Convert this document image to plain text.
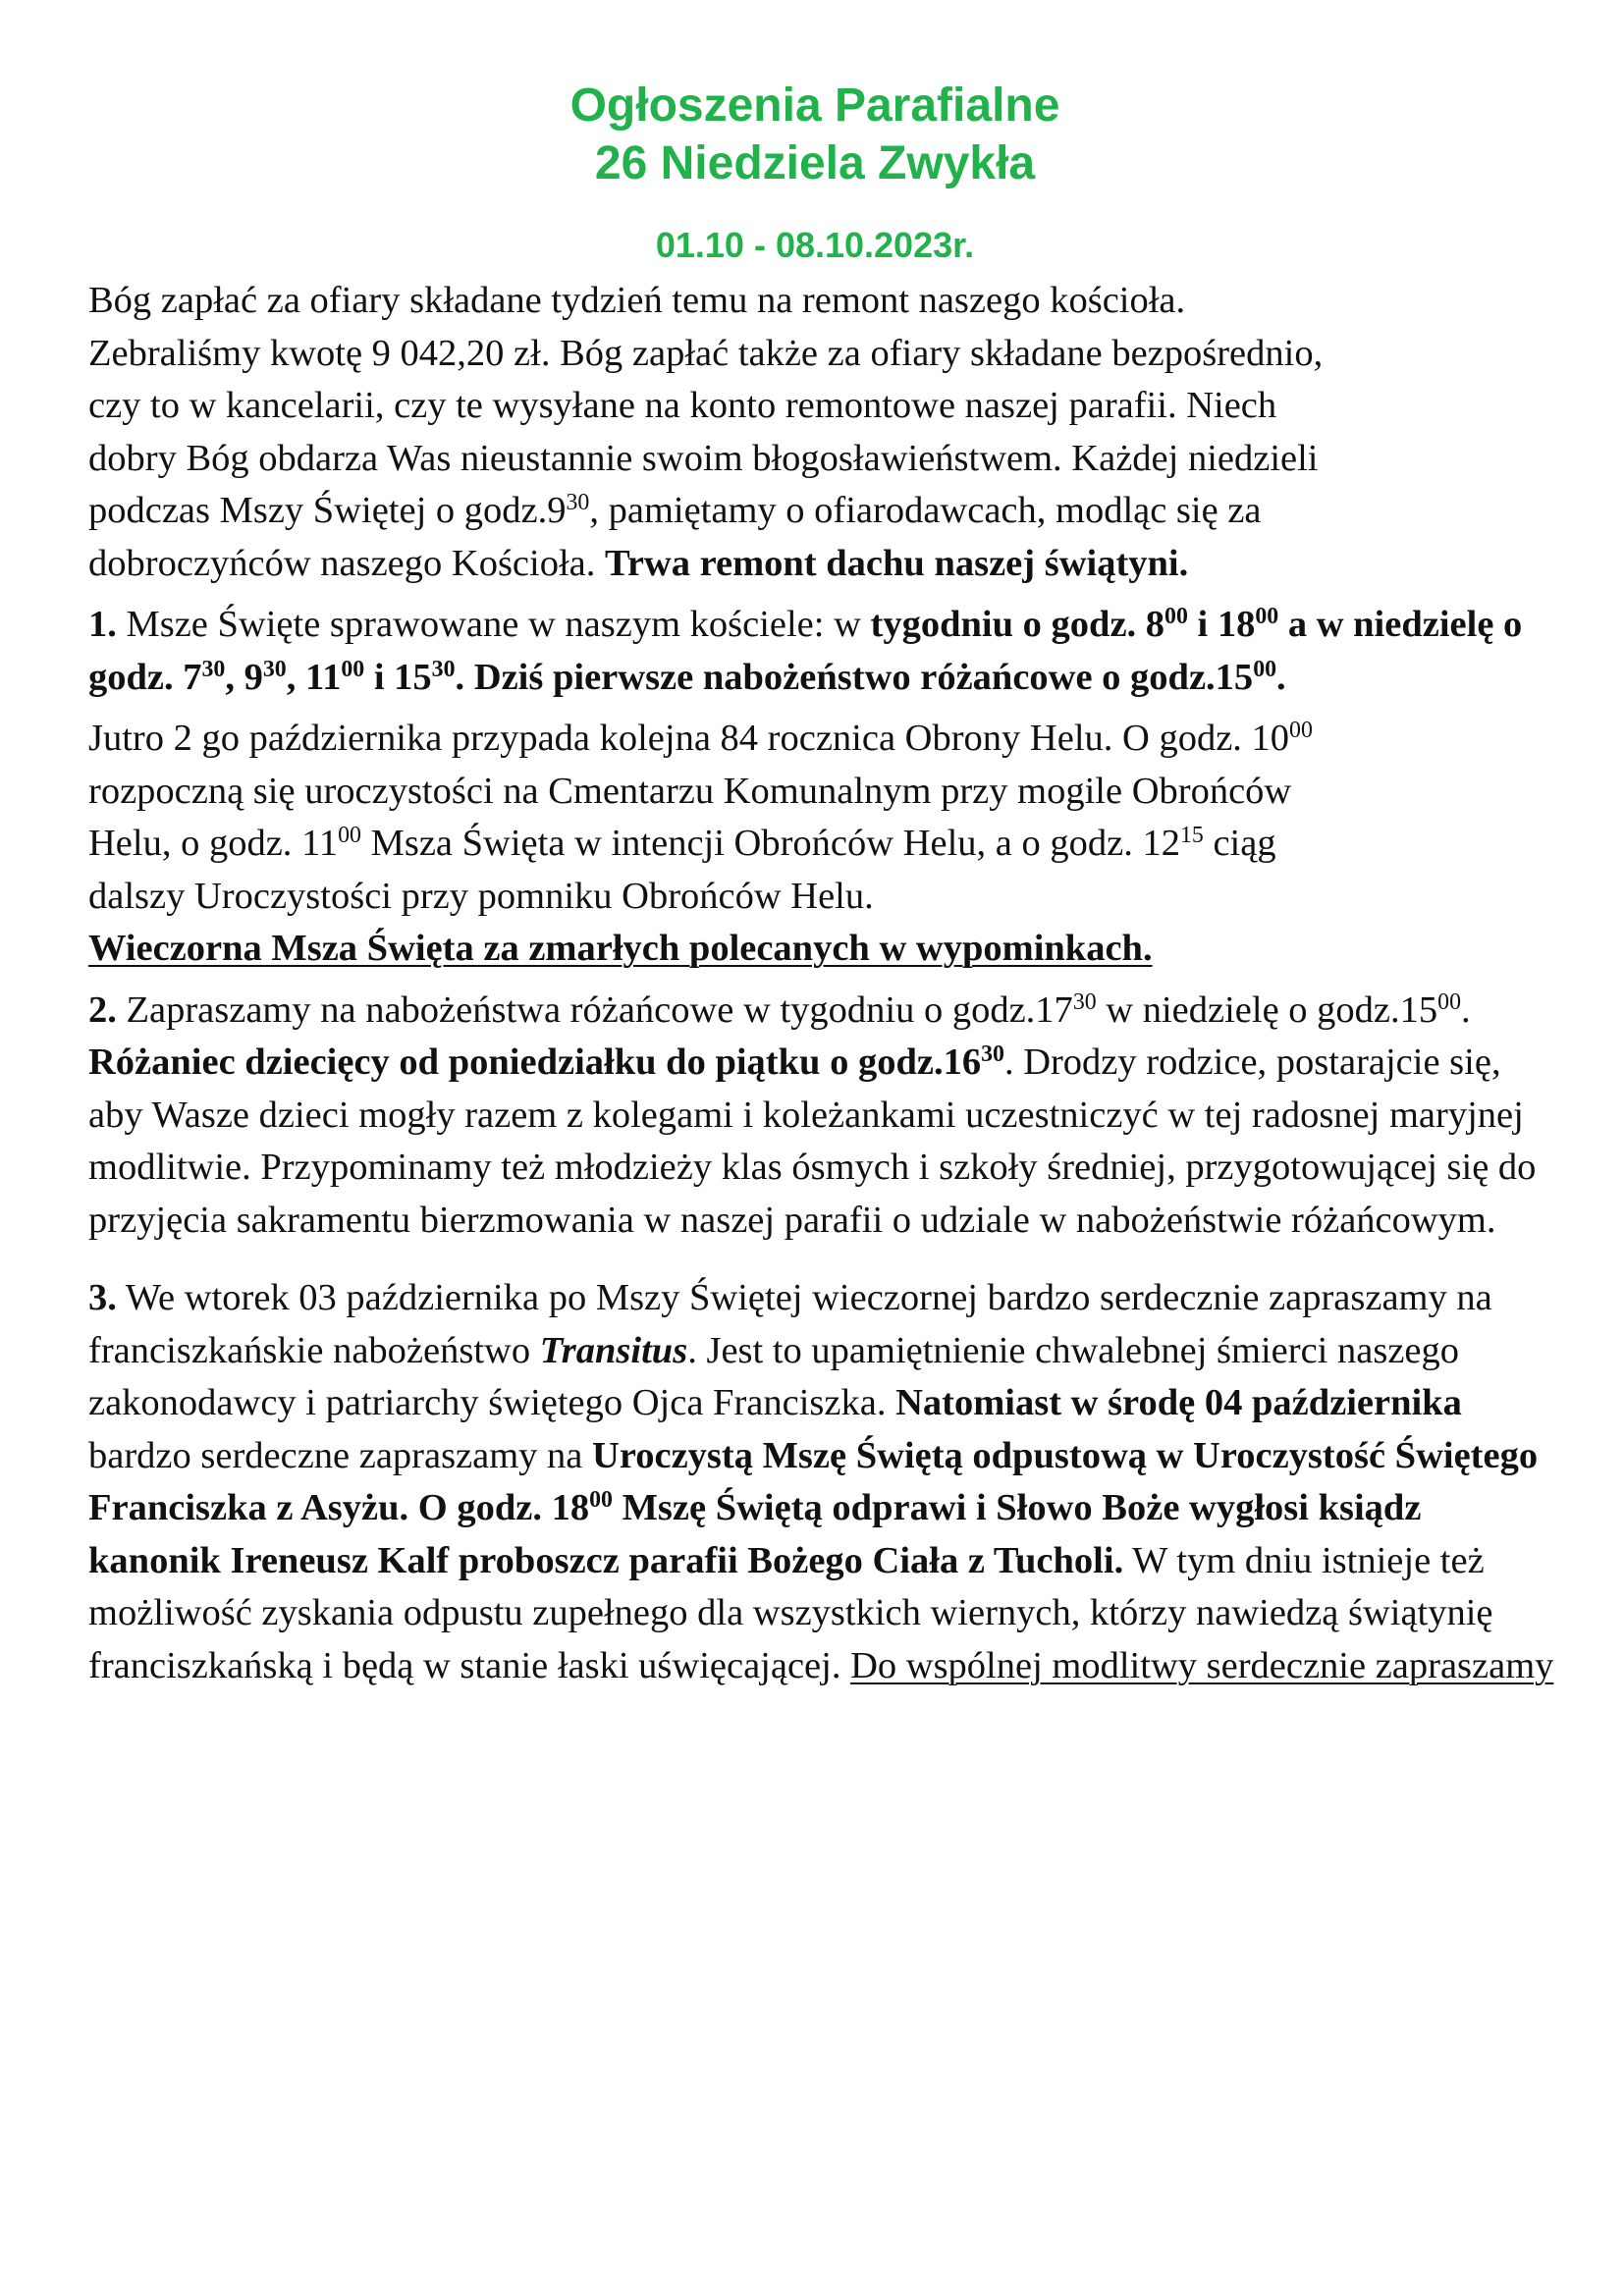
Ogłoszenia Parafialne
26 Niedziela Zwykła
01.10 - 08.10.2023r.

Bóg zapłać za ofiary składane tydzień temu na remont naszego kościoła.
Zebraliśmy kwotę 9 042,20 zł. Bóg zapłać także za ofiary składane bezpośrednio,
czy to w kancelarii, czy te wysyłane na konto remontowe naszej parafii. Niech
dobry Bóg obdarza Was nieustannie swoim błogosławieństwem. Każdej niedzieli
podczas Mszy Świętej o $godz.9^{30}$, pamiętamy o ofiarodawcach, modląc się za
dobroczyńców naszego Kościoła. Trwa remont dachu naszej świątyni.

1. Msze Święte sprawowane w naszym kościele: w tygodniu o godz. $8^{00}$ i $18^{00}$ a w niedzielę o godz. $7^{30}$, $9^{30}$, $11^{00}$ i $15^{30}$. Dziś pierwsze nabożeństwo różańcowe o $godz.15^{00}$.

Jutro 2 go października przypada kolejna 84 rocznica Obrony Helu. O godz. $10^{00}$
rozpoczną się uroczystości na Cmentarzu Komunalnym przy mogile Obrońców
Helu, o godz. $11^{00}$ Msza Święta w intencji Obrońców Helu, a o godz. $12^{15}$ ciąg
dalszy Uroczystości przy pomniku Obrońców Helu.
Wieczorna Msza Święta za zmarłych polecanych w wypominkach.

2. Zapraszamy na nabożeństwa różańcowe w tygodniu o $godz.17^{30}$ w niedzielę o $godz.15^{00}$. Różaniec dziecięcy od poniedziałku do piątku o $godz.16^{30}$. Drodzy rodzice, postarajcie się, aby Wasze dzieci mogły razem z kolegami i koleżankami uczestniczyć w tej radosnej maryjnej modlitwie. Przypominamy też młodzieży klas ósmych i szkoły średniej, przygotowującej się do przyjęcia sakramentu bierzmowania w naszej parafii o udziale w nabożeństwie różańcowym.

3. We wtorek 03 października po Mszy Świętej wieczornej bardzo serdecznie zapraszamy na franciszkańskie nabożeństwo Transitus. Jest to upamiętnienie chwalebnej śmierci naszego zakonodawcy i patriarchy świętego Ojca Franciszka. Natomiast w środę 04 października bardzo serdeczne zapraszamy na Uroczystą Mszę Świętą odpustową w Uroczystość Świętego Franciszka z Asyżu. O godz. $18^{00}$ Mszę Świętą odprawi i Słowo Boże wygłosi ksiądz kanonik Ireneusz Kalf proboszcz parafii Bożego Ciała z Tucholi. W tym dniu istnieje też możliwość zyskania odpustu zupełnego dla wszystkich wiernych, którzy nawiedzą świątynię franciszkańską i będą w stanie łaski uświęcającej. Do wspólnej modlitwy serdecznie zapraszamy
